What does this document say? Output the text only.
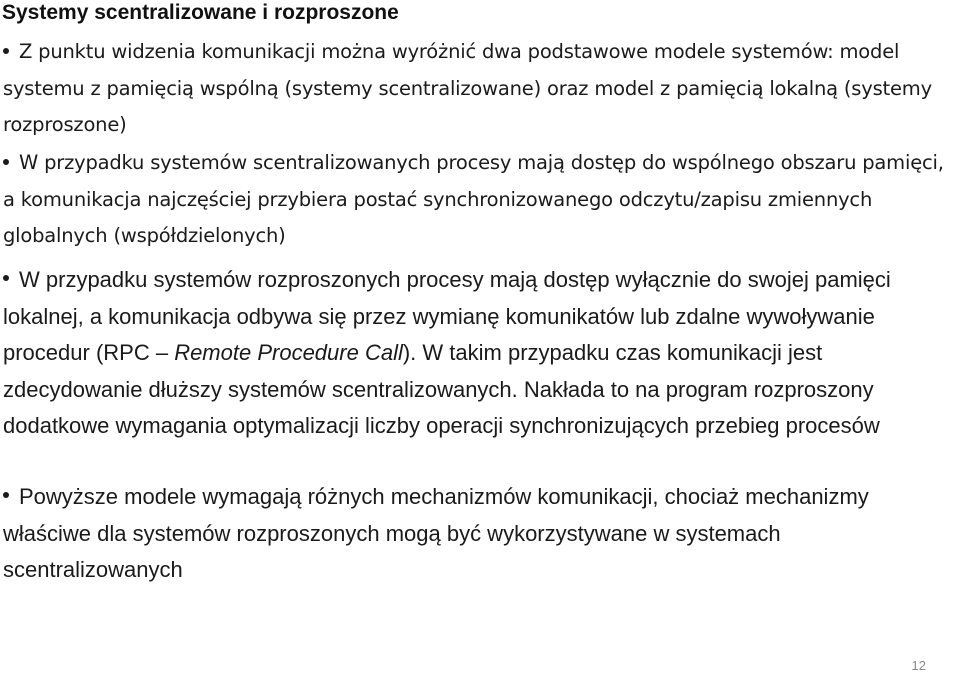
Systemy scentralizowane i rozproszone
Z punktu widzenia komunikacji można wyróżnić dwa podstawowe modele systemów: model systemu z pamięcią wspólną (systemy scentralizowane) oraz model z pamięcią lokalną (systemy rozproszone)
W przypadku systemów scentralizowanych procesy mają dostęp do wspólnego obszaru pamięci, a komunikacja najczęściej przybiera postać synchronizowanego odczytu/zapisu zmiennych globalnych (współdzielonych)
W przypadku systemów rozproszonych procesy mają dostęp wyłącznie do swojej pamięci lokalnej, a komunikacja odbywa się przez wymianę komunikatów lub zdalne wywoływanie procedur (RPC – Remote Procedure Call). W takim przypadku czas komunikacji jest zdecydowanie dłuższy systemów scentralizowanych. Nakłada to na program rozproszony dodatkowe wymagania optymalizacji liczby operacji synchronizujących przebieg procesów
Powyższe modele wymagają różnych mechanizmów komunikacji, chociaż mechanizmy właściwe dla systemów rozproszonych mogą być wykorzystywane w systemach scentralizowanych
12
